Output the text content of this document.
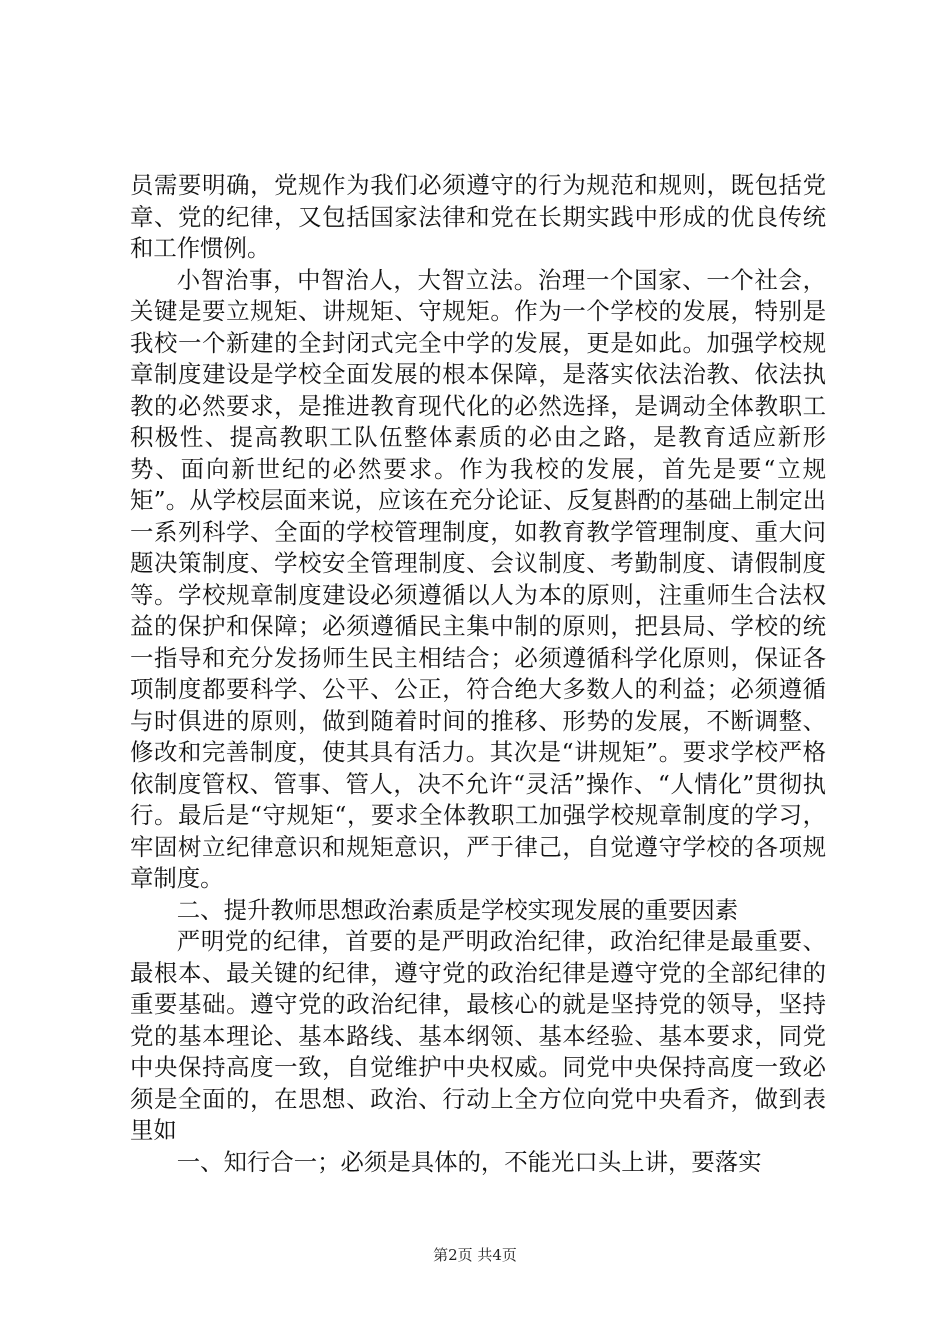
员需要明确，党规作为我们必须遵守的行为规范和规则，既包括党章、党的纪律，又包括国家法律和党在长期实践中形成的优良传统和工作惯例。

小智治事，中智治人，大智立法。治理一个国家、一个社会，关键是要立规矩、讲规矩、守规矩。作为一个学校的发展，特别是我校一个新建的全封闭式完全中学的发展，更是如此。加强学校规章制度建设是学校全面发展的根本保障，是落实依法治教、依法执教的必然要求，是推进教育现代化的必然选择，是调动全体教职工积极性、提高教职工队伍整体素质的必由之路，是教育适应新形势、面向新世纪的必然要求。作为我校的发展，首先是要“立规矩”。从学校层面来说，应该在充分论证、反复斟酌的基础上制定出一系列科学、全面的学校管理制度，如教育教学管理制度、重大问题决策制度、学校安全管理制度、会议制度、考勤制度、请假制度等。学校规章制度建设必须遵循以人为本的原则，注重师生合法权益的保护和保障；必须遵循民主集中制的原则，把县局、学校的统一指导和充分发扬师生民主相结合；必须遵循科学化原则，保证各项制度都要科学、公平、公正，符合绝大多数人的利益；必须遵循与时俱进的原则，做到随着时间的推移、形势的发展，不断调整、修改和完善制度，使其具有活力。其次是“讲规矩”。要求学校严格依制度管权、管事、管人，决不允许“灵活”操作、“人情化”贯彻执行。最后是“守规矩“，要求全体教职工加强学校规章制度的学习，牢固树立纪律意识和规矩意识，严于律己，自觉遵守学校的各项规章制度。

二、提升教师思想政治素质是学校实现发展的重要因素

严明党的纪律，首要的是严明政治纪律，政治纪律是最重要、最根本、最关键的纪律，遵守党的政治纪律是遵守党的全部纪律的重要基础。遵守党的政治纪律，最核心的就是坚持党的领导，坚持党的基本理论、基本路线、基本纲领、基本经验、基本要求，同党中央保持高度一致，自觉维护中央权威。同党中央保持高度一致必须是全面的，在思想、政治、行动上全方位向党中央看齐，做到表里如

一、知行合一；必须是具体的，不能光口头上讲，要落实

第2页 共4页
